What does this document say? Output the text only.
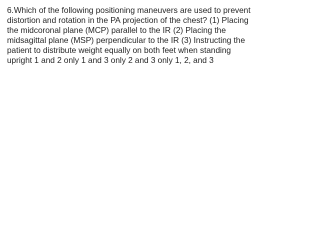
6.Which of the following positioning maneuvers are used to prevent distortion and rotation in the PA projection of the chest? (1) Placing the midcoronal plane (MCP) parallel to the IR (2) Placing the midsagittal plane (MSP) perpendicular to the IR (3) Instructing the patient to distribute weight equally on both feet when standing upright 1 and 2 only 1 and 3 only 2 and 3 only 1, 2, and 3
